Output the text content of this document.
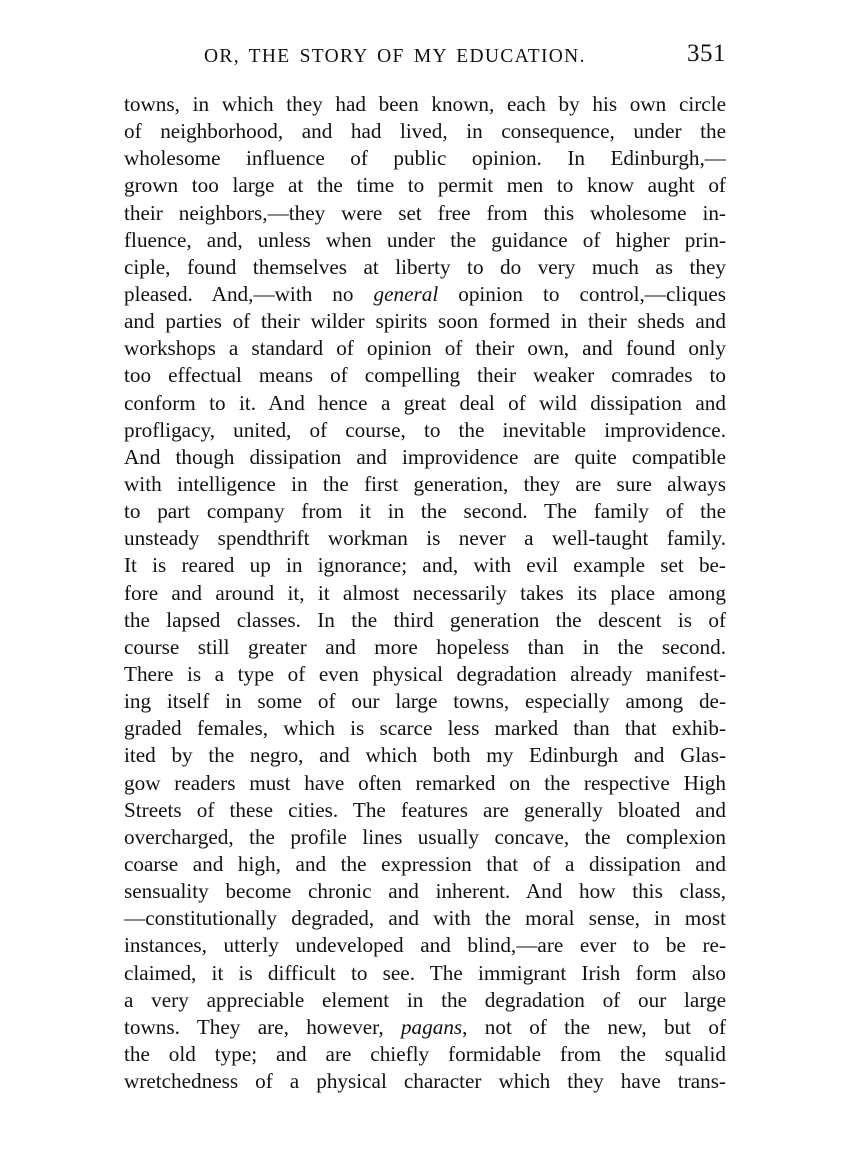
OR, THE STORY OF MY EDUCATION.	351
towns, in which they had been known, each by his own circle
of neighborhood, and had lived, in consequence, under the
wholesome influence of public opinion. In Edinburgh,—
grown too large at the time to permit men to know aught of
their neighbors,—they were set free from this wholesome in-
fluence, and, unless when under the guidance of higher prin-
ciple, found themselves at liberty to do very much as they
pleased. And,—with no general opinion to control,—cliques
and parties of their wilder spirits soon formed in their sheds and
workshops a standard of opinion of their own, and found only
too effectual means of compelling their weaker comrades to
conform to it. And hence a great deal of wild dissipation and
profligacy, united, of course, to the inevitable improvidence.
And though dissipation and improvidence are quite compatible
with intelligence in the first generation, they are sure always
to part company from it in the second. The family of the
unsteady spendthrift workman is never a well-taught family.
It is reared up in ignorance; and, with evil example set be-
fore and around it, it almost necessarily takes its place among
the lapsed classes. In the third generation the descent is of
course still greater and more hopeless than in the second.
There is a type of even physical degradation already manifest-
ing itself in some of our large towns, especially among de-
graded females, which is scarce less marked than that exhib-
ited by the negro, and which both my Edinburgh and Glas-
gow readers must have often remarked on the respective High
Streets of these cities. The features are generally bloated and
overcharged, the profile lines usually concave, the complexion
coarse and high, and the expression that of a dissipation and
sensuality become chronic and inherent. And how this class,
—constitutionally degraded, and with the moral sense, in most
instances, utterly undeveloped and blind,—are ever to be re-
claimed, it is difficult to see. The immigrant Irish form also
a very appreciable element in the degradation of our large
towns. They are, however, pagans, not of the new, but of
the old type; and are chiefly formidable from the squalid
wretchedness of a physical character which they have trans-
